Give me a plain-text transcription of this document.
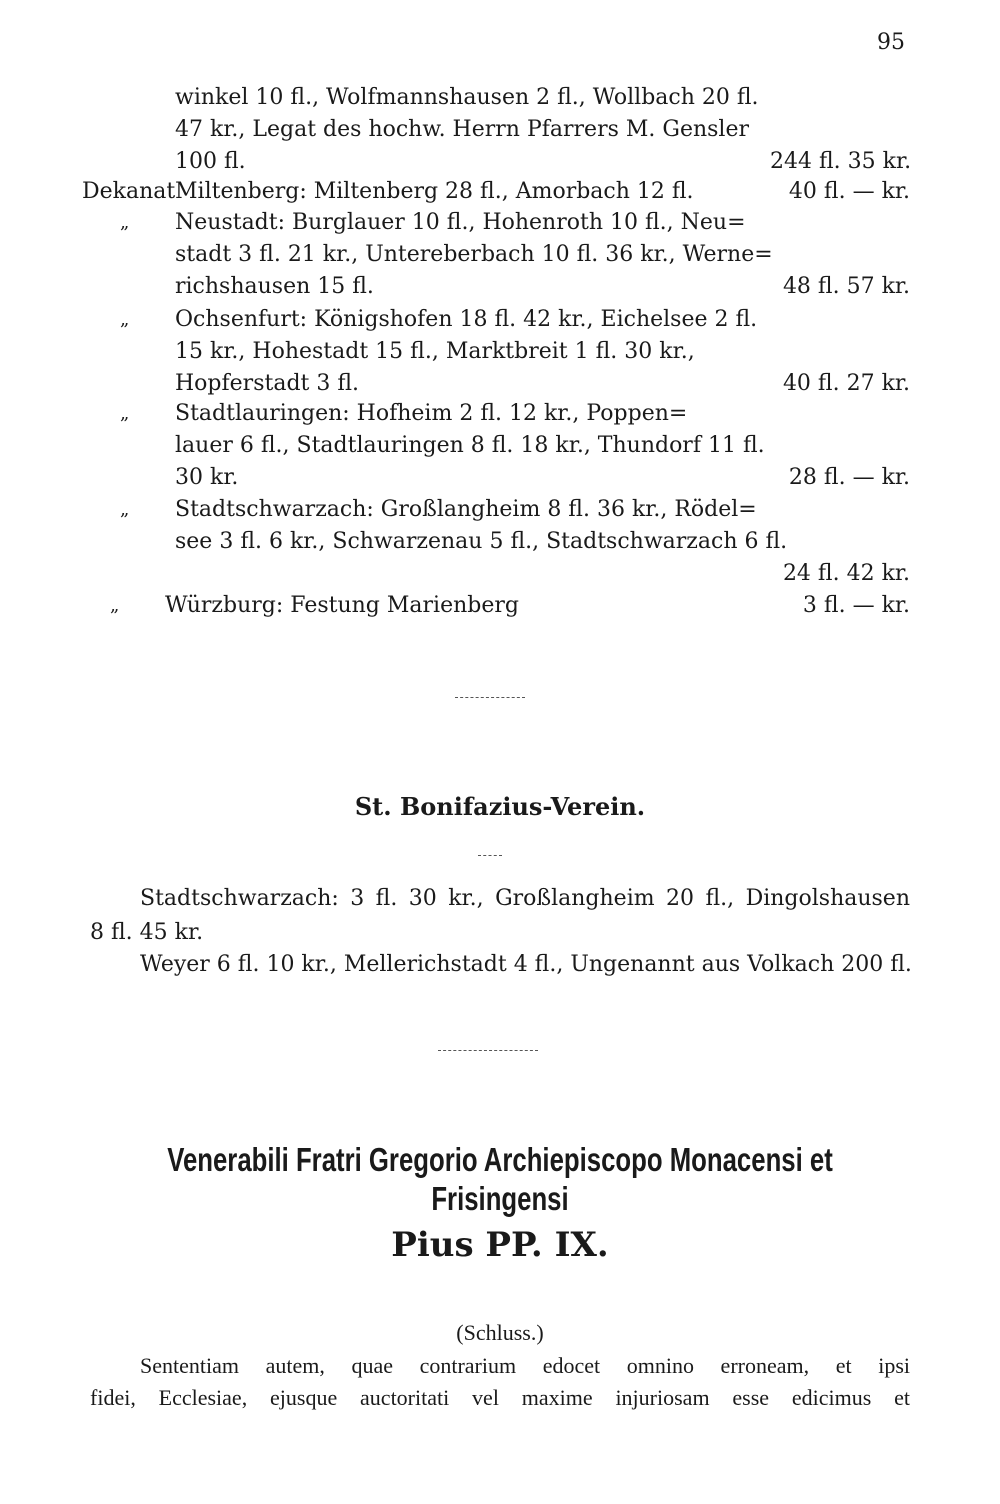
95
winkel 10 fl., Wolfmannshausen 2 fl., Wollbach 20 fl.
47 kr., Legat des hochw. Herrn Pfarrers M. Gensler
100 fl.	244 fl. 35 kr.
Dekanat Miltenberg: Miltenberg 28 fl., Amorbach 12 fl.	40 fl. — kr.
„ Neustadt: Burglauer 10 fl., Hohenroth 10 fl., Neu=
stadt 3 fl. 21 kr., Untereberbach 10 fl. 36 kr., Werne=
richshausen 15 fl.	48 fl. 57 kr.
„ Ochsenfurt: Königshofen 18 fl. 42 kr., Eichelsee 2 fl.
15 kr., Hohestadt 15 fl., Marktbreit 1 fl. 30 kr.,
Hopferstadt 3 fl.	40 fl. 27 kr.
„ Stadtlauringen: Hofheim 2 fl. 12 kr., Poppen=
lauer 6 fl., Stadtlauringen 8 fl. 18 kr., Thundorf 11 fl.
30 kr.	28 fl. — kr.
„ Stadtschwarzach: Großlangheim 8 fl. 36 kr., Rödel=
see 3 fl. 6 kr., Schwarzenau 5 fl., Stadtschwarzach 6 fl.
24 fl. 42 kr.
„ Würzburg: Festung Marienberg	3 fl. — kr.
St. Bonifazius-Verein.
Stadtschwarzach: 3 fl. 30 kr., Großlangheim 20 fl., Dingolshausen
8 fl. 45 kr.
Weyer 6 fl. 10 kr., Mellerichstadt 4 fl., Ungenannt aus Volkach 200 fl.
Venerabili Fratri Gregorio Archiepiscopo Monacensi et
Frisingensi
Pius PP. IX.
(Schluss.)
Sententiam autem, quae contrarium edocet omnino erroneam, et ipsi
fidei, Ecclesiae, ejusque auctoritati vel maxime injuriosam esse edicimus et
